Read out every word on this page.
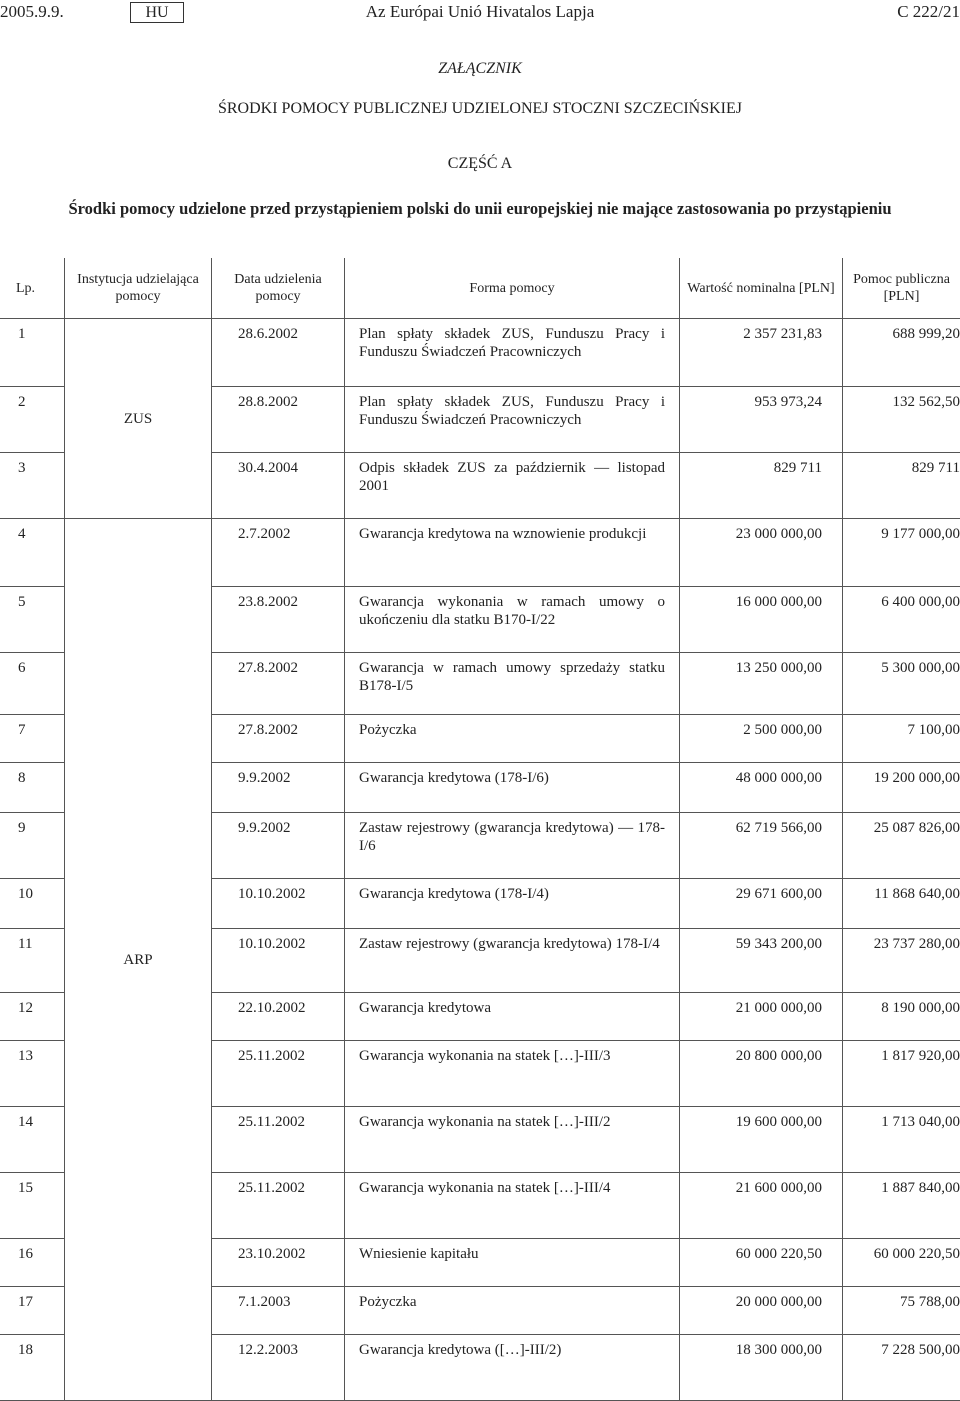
2005.9.9.	HU	Az Európai Unió Hivatalos Lapja	C 222/21
ZAŁĄCZNIK
ŚRODKI POMOCY PUBLICZNEJ UDZIELONEJ STOCZNI SZCZECIŃSKIEJ
CZĘŚĆ A
Środki pomocy udzielone przed przystąpieniem polski do unii europejskiej nie mające zastosowania po przystąpieniu
Lp.	Instytucja udzielająca pomocy	Data udzielenia pomocy	Forma pomocy	Wartość nominalna [PLN]	Pomoc publiczna [PLN]
1	ZUS	28.6.2002	Plan spłaty składek ZUS, Funduszu Pracy i Funduszu Świadczeń Pracowniczych	2 357 231,83	688 999,20
2		28.8.2002	Plan spłaty składek ZUS, Funduszu Pracy i Funduszu Świadczeń Pracowniczych	953 973,24	132 562,50
3		30.4.2004	Odpis składek ZUS za październik — listopad 2001	829 711	829 711
4	ARP	2.7.2002	Gwarancja kredytowa na wznowienie produkcji	23 000 000,00	9 177 000,00
5		23.8.2002	Gwarancja wykonania w ramach umowy o ukończeniu dla statku B170-I/22	16 000 000,00	6 400 000,00
6		27.8.2002	Gwarancja w ramach umowy sprzedaży statku B178-I/5	13 250 000,00	5 300 000,00
7		27.8.2002	Pożyczka	2 500 000,00	7 100,00
8		9.9.2002	Gwarancja kredytowa (178-I/6)	48 000 000,00	19 200 000,00
9		9.9.2002	Zastaw rejestrowy (gwarancja kredytowa) — 178-I/6	62 719 566,00	25 087 826,00
10		10.10.2002	Gwarancja kredytowa (178-I/4)	29 671 600,00	11 868 640,00
11		10.10.2002	Zastaw rejestrowy (gwarancja kredytowa) 178-I/4	59 343 200,00	23 737 280,00
12		22.10.2002	Gwarancja kredytowa	21 000 000,00	8 190 000,00
13		25.11.2002	Gwarancja wykonania na statek […]-III/3	20 800 000,00	1 817 920,00
14		25.11.2002	Gwarancja wykonania na statek […]-III/2	19 600 000,00	1 713 040,00
15		25.11.2002	Gwarancja wykonania na statek […]-III/4	21 600 000,00	1 887 840,00
16		23.10.2002	Wniesienie kapitału	60 000 220,50	60 000 220,50
17		7.1.2003	Pożyczka	20 000 000,00	75 788,00
18		12.2.2003	Gwarancja kredytowa ([…]-III/2)	18 300 000,00	7 228 500,00
